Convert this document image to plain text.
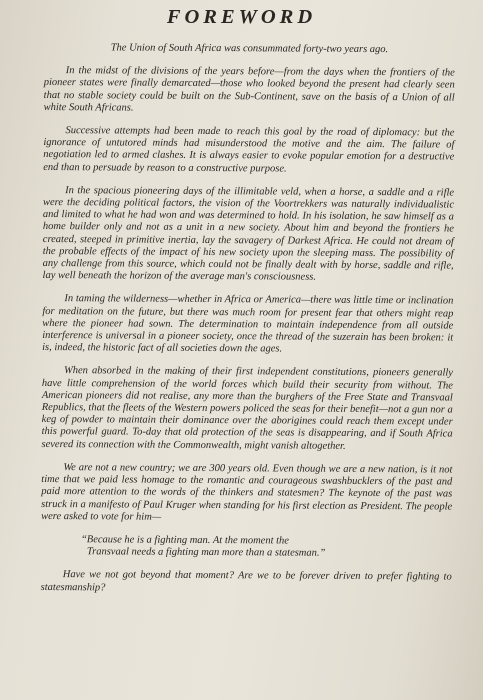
FOREWORD

The Union of South Africa was consummated forty-two years ago.

In the midst of the divisions of the years before—from the days when the frontiers of the pioneer states were finally demarcated—those who looked beyond the present had clearly seen that no stable society could be built on the Sub-Continent, save on the basis of a Union of all white South Africans.

Successive attempts had been made to reach this goal by the road of diplomacy: but the ignorance of untutored minds had misunderstood the motive and the aim. The failure of negotiation led to armed clashes. It is always easier to evoke popular emotion for a destructive end than to persuade by reason to a constructive purpose.

In the spacious pioneering days of the illimitable veld, when a horse, a saddle and a rifle were the deciding political factors, the vision of the Voortrekkers was naturally individualistic and limited to what he had won and was determined to hold. In his isolation, he saw himself as a home builder only and not as a unit in a new society. About him and beyond the frontiers he created, steeped in primitive inertia, lay the savagery of Darkest Africa. He could not dream of the probable effects of the impact of his new society upon the sleeping mass. The possibility of any challenge from this source, which could not be finally dealt with by horse, saddle and rifle, lay well beneath the horizon of the average man's consciousness.

In taming the wilderness—whether in Africa or America—there was little time or inclination for meditation on the future, but there was much room for present fear that others might reap where the pioneer had sown. The determination to maintain independence from all outside interference is universal in a pioneer society, once the thread of the suzerain has been broken: it is, indeed, the historic fact of all societies down the ages.

When absorbed in the making of their first independent constitutions, pioneers generally have little comprehension of the world forces which build their security from without. The American pioneers did not realise, any more than the burghers of the Free State and Transvaal Republics, that the fleets of the Western powers policed the seas for their benefit—not a gun nor a keg of powder to maintain their dominance over the aborigines could reach them except under this powerful guard. To-day that old protection of the seas is disappearing, and if South Africa severed its connection with the Commonwealth, might vanish altogether.

We are not a new country; we are 300 years old. Even though we are a new nation, is it not time that we paid less homage to the romantic and courageous swashbucklers of the past and paid more attention to the words of the thinkers and statesmen? The keynote of the past was struck in a manifesto of Paul Kruger when standing for his first election as President. The people were asked to vote for him—

“Because he is a fighting man. At the moment the
Transvaal needs a fighting man more than a statesman.”

Have we not got beyond that moment? Are we to be forever driven to prefer fighting to statesmanship?
